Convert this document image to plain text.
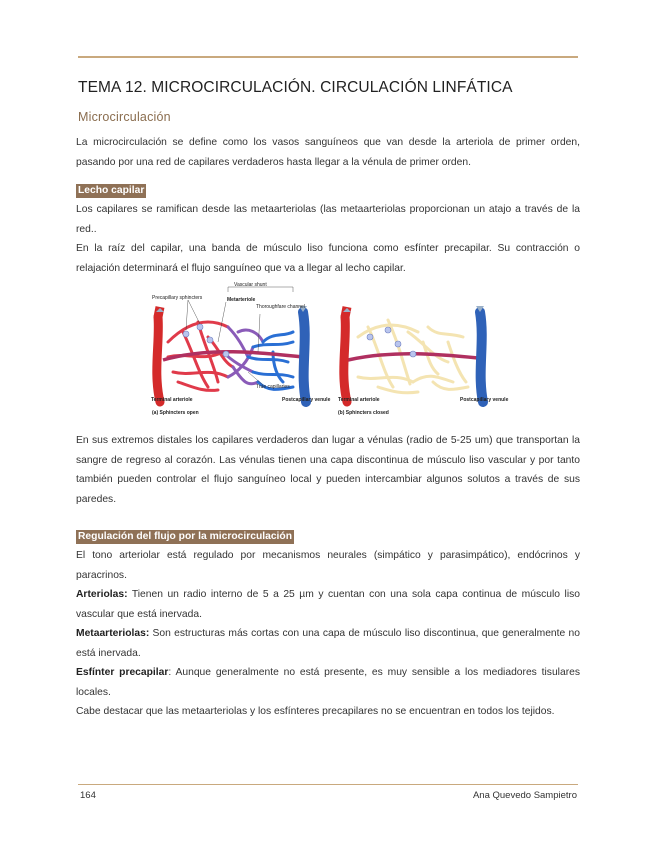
TEMA 12. MICROCIRCULACIÓN. CIRCULACIÓN LINFÁTICA
Microcirculación
La microcirculación se define como los vasos sanguíneos que van desde la arteriola de primer orden, pasando por una red de capilares verdaderos hasta llegar a la vénula de primer orden.
Lecho capilar
Los capilares se ramifican desde las metaarteriolas (las metaarteriolas proporcionan un atajo a través de la red..
En la raíz del capilar, una banda de músculo liso funciona como esfínter precapilar. Su contracción o relajación determinará el flujo sanguíneo que va a llegar al lecho capilar.
Vascular shunt
Precapillary sphincters	Metarteriole
Thoroughfare channel
True capillaries
Terminal arteriole	Postcapillary venule
(a) Sphincters open
Terminal arteriole	Postcapillary venule
(b) Sphincters closed
En sus extremos distales los capilares verdaderos dan lugar a vénulas (radio de 5-25 um) que transportan la sangre de regreso al corazón. Las vénulas tienen una capa discontinua de músculo liso vascular y por tanto también pueden controlar el flujo sanguíneo local y pueden intercambiar algunos solutos a través de sus paredes.
Regulación del flujo por la microcirculación
El tono arteriolar está regulado por mecanismos neurales (simpático y parasimpático), endócrinos y paracrinos.
Arteriolas: Tienen un radio interno de 5 a 25 µm y cuentan con una sola capa continua de músculo liso vascular que está inervada.
Metaarteriolas: Son estructuras más cortas con una capa de músculo liso discontinua, que generalmente no está inervada.
Esfínter precapilar: Aunque generalmente no está presente, es muy sensible a los mediadores tisulares locales.
Cabe destacar que las metaarteriolas y los esfínteres precapilares no se encuentran en todos los tejidos.
164	Ana Quevedo Sampietro
